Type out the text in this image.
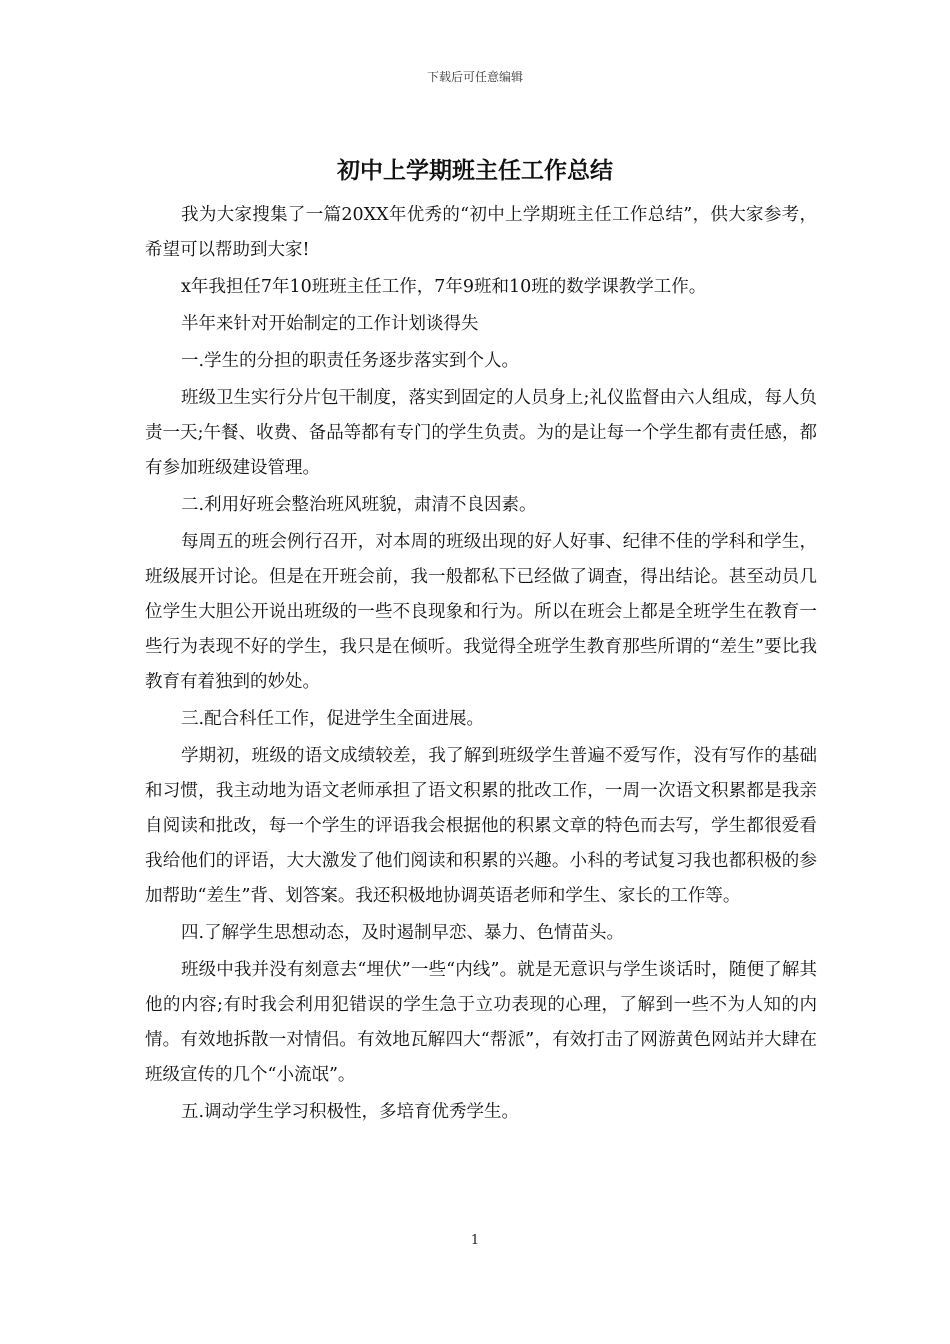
下载后可任意编辑
初中上学期班主任工作总结

我为大家搜集了一篇20XX年优秀的“初中上学期班主任工作总结”，供大家参考，希望可以帮助到大家!

x年我担任7年10班班主任工作，7年9班和10班的数学课教学工作。

半年来针对开始制定的工作计划谈得失

一.学生的分担的职责任务逐步落实到个人。

班级卫生实行分片包干制度，落实到固定的人员身上;礼仪监督由六人组成，每人负责一天;午餐、收费、备品等都有专门的学生负责。为的是让每一个学生都有责任感，都有参加班级建设管理。

二.利用好班会整治班风班貌，肃清不良因素。

每周五的班会例行召开，对本周的班级出现的好人好事、纪律不佳的学科和学生，班级展开讨论。但是在开班会前，我一般都私下已经做了调查，得出结论。甚至动员几位学生大胆公开说出班级的一些不良现象和行为。所以在班会上都是全班学生在教育一些行为表现不好的学生，我只是在倾听。我觉得全班学生教育那些所谓的“差生”要比我教育有着独到的妙处。

三.配合科任工作，促进学生全面进展。

学期初，班级的语文成绩较差，我了解到班级学生普遍不爱写作，没有写作的基础和习惯，我主动地为语文老师承担了语文积累的批改工作，一周一次语文积累都是我亲自阅读和批改，每一个学生的评语我会根据他的积累文章的特色而去写，学生都很爱看我给他们的评语，大大激发了他们阅读和积累的兴趣。小科的考试复习我也都积极的参加帮助“差生”背、划答案。我还积极地协调英语老师和学生、家长的工作等。

四.了解学生思想动态，及时遏制早恋、暴力、色情苗头。

班级中我并没有刻意去“埋伏”一些“内线”。就是无意识与学生谈话时，随便了解其他的内容;有时我会利用犯错误的学生急于立功表现的心理，了解到一些不为人知的内情。有效地拆散一对情侣。有效地瓦解四大“帮派”，有效打击了网游黄色网站并大肆在班级宣传的几个“小流氓”。

五.调动学生学习积极性，多培育优秀学生。

1
